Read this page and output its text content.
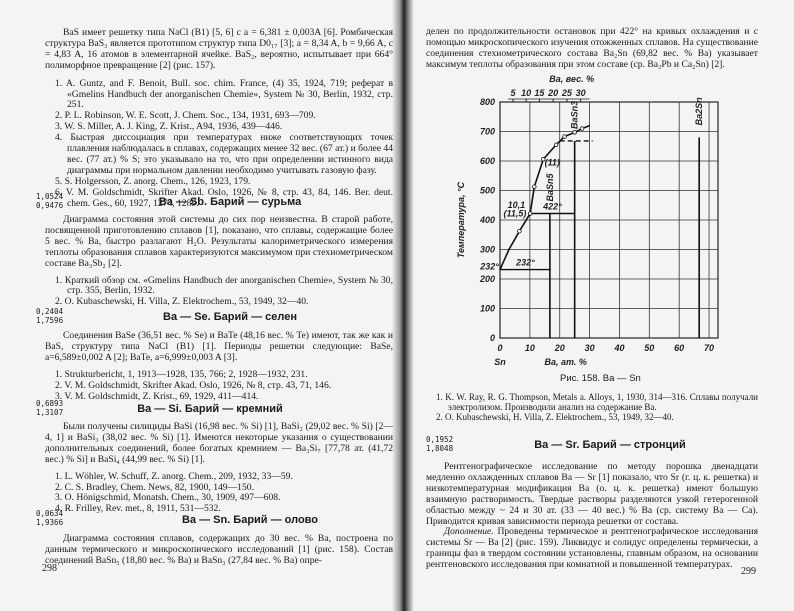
BaS имеет решетку типа NaCl (B1) [5, 6] с a = 6,381 ± 0,003A [6]. Ромбическая структура BaS₃ является прототипом структур типа D0₁₇ [3]; a = 8,34 A, b = 9,66 A, c = 4,83 A, 16 атомов в элементарной ячейке. BaS₂, вероятно, испытывает при 664° полиморфное превращение [2] (рис. 157).

1. A. Guntz, and F. Benoit, Bull. soc. chim. France, (4) 35, 1924, 719; реферат в «Gmelins Handbuch der anorganischen Chemie», System № 30, Berlin, 1932, стр. 251.
2. P. L. Robinson, W. E. Scott, J. Chem. Soc., 134, 1931, 693—709.
3. W. S. Miller, A. J. King, Z. Krist., A94, 1936, 439—446.
4. Быстрая диссоциация при температурах ниже соответствующих точек плавления наблюдалась в сплавах, содержащих менее 32 вес. (67 ат.) и более 44 вес. (77 ат.) % S; это указывало на то, что при определении истинного вида диаграммы при нормальном давлении необходимо учитывать газовую фазу.
5. S. Holgersson, Z. anorg. Chem., 126, 1923, 179.
6. V. M. Goldschmidt, Skrifter Akad. Oslo, 1926, № 8, стр. 43, 84, 146. Ber. deut. chem. Ges., 60, 1927, 1274, 1289.
1,0524
0,9476	Ba — Sb. Барий — сурьма

Диаграмма состояния этой системы до сих пор неизвестна. В старой работе, посвященной приготовлению сплавов [1], показано, что сплавы, содержащие более 5 вес. % Ba, быстро разлагают H₂O. Результаты калориметрического измерения теплоты образования сплавов характеризуются максимумом при стехиометрическом составе Ba₃Sb₂ [2].

1. Краткий обзор см. «Gmelins Handbuch der anorganischen Chemie», System № 30, стр. 355, Berlin, 1932.
2. O. Kubaschewski, H. Villa, Z. Elektrochem., 53, 1949, 32—40.
0,2404
1,7596	Ba — Se. Барий — селен

Соединения BaSe (36,51 вес. % Se) и BaTe (48,16 вес. % Te) имеют, так же как и BaS, структуру типа NaCl (B1) [1]. Периоды решетки следующие: BaSe, a=6,589±0,002 A [2]; BaTe, a=6,999±0,003 A [3].

1. Strukturbericht, 1, 1913—1928, 135, 766; 2, 1928—1932, 231.
2. V. M. Goldschmidt, Skrifter Akad. Oslo, 1926, № 8, стр. 43, 71, 146.
3. V. M. Goldschmidt, Z. Krist., 69, 1929, 411—414.
0,6893
1,3107	Ba — Si. Барий — кремний

Были получены силициды BaSi (16,98 вес. % Si) [1], BaSi₂ (29,02 вес. % Si) [2—4, 1] и BaSi₃ (38,02 вес. % Si) [1]. Имеются некоторые указания о существовании дополнительных соединений, более богатых кремнием — Ba₃Si₇ [77,78 ат. (41,72 вес.) % Si] и BaSi₄ (44,99 вес. % Si) [1].

1. L. Wöhler, W. Schuff, Z. anorg. Chem., 209, 1932, 33—59.
2. C. S. Bradley, Chem. News, 82, 1900, 149—150.
3. O. Hönigschmid, Monatsh. Chem., 30, 1909, 497—608.
4. R. Frilley, Rev. met., 8, 1911, 531—532.
0,0634
1,9366	Ba — Sn. Барий — олово

Диаграмма состояния сплавов, содержащих до 30 вес. % Ba, построена по данным термического и микроскопического исследований [1] (рис. 158). Состав соединений BaSn₅ (18,80 вес. % Ba) и BaSn₃ (27,84 вес. % Ba) опре-

298

делен по продолжительности остановок при 422° на кривых охлаждения и с помощью микроскопического изучения отожженных сплавов. На существование соединения стехиометрического состава Ba₂Sn (69,82 вес. % Ba) указывает максимум теплоты образования при этом составе (ср. Ba₂Pb и Ca₂Sn) [2].

0 10 20 30 40 50 60 70
0
100
200
300
400
500
600
700
800
5 10 15 20 25 30
Ba, вес. %
Ba, ат. %
Sn
Температура, °С
232°
422°
BaSn5
BaSn3	Ba2Sn
232°
10,1
(11,5)
(11)
Рис. 158. Ba — Sn
1. K. W. Ray, R. G. Thompson, Metals a. Alloys, 1, 1930, 314—316. Сплавы получали электролизом. Производили анализ на содержание Ba.
2. O. Kubaschewski, H. Villa, Z. Elektrochem., 53, 1949, 32—40.
0,1952
1,8048	Ba — Sr. Барий — стронций

Рентгенографическое исследование по методу порошка двенадцати медленно охлажденных сплавов Ba — Sr [1] показало, что Sr (г. ц. к. решетка) и низкотемпературная модификация Ba (о. ц. к. решетка) имеют большую взаимную растворимость. Твердые растворы разделяются узкой гетерогенной областью между ~ 24 и 30 ат. (33 — 40 вес.) % Ba (ср. систему Ba — Ca). Приводится кривая зависимости периода решетки от состава.

Дополнение. Проведены термическое и рентгенографическое исследования системы Sr — Ba [2] (рис. 159). Ликвидус и солидус определены термически, а границы фаз в твердом состоянии установлены, главным образом, на основании рентгеновского исследования при комнатной и повышенной температурах.

299
